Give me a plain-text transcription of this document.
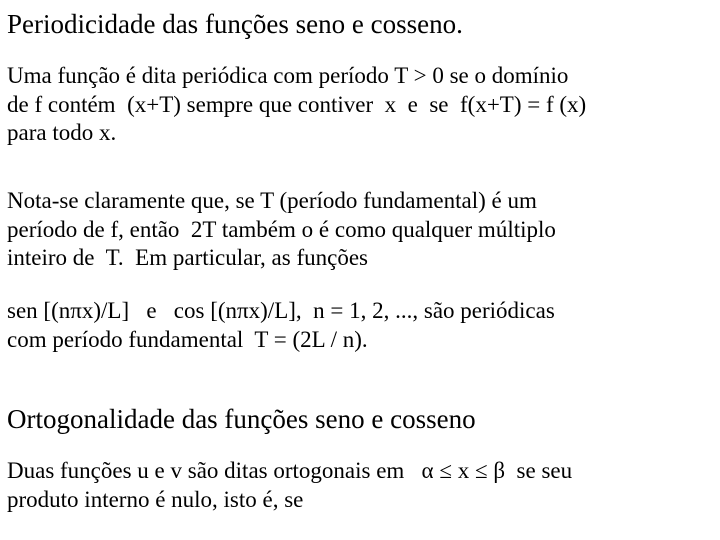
Periodicidade das funções seno e cosseno.
Uma função é dita periódica com período T > 0 se o domínio
de f contém  (x+T) sempre que contiver  x  e  se  f(x+T) = f (x)
para todo x.
Nota-se claramente que, se T (período fundamental) é um
período de f, então  2T também o é como qualquer múltiplo
inteiro de  T.  Em particular, as funções
sen [(nπx)/L]   e   cos [(nπx)/L],  n = 1, 2, ..., são periódicas
com período fundamental  T = (2L / n).
Ortogonalidade das funções seno e cosseno
Duas funções u e v são ditas ortogonais em   α ≤ x ≤ β  se seu
produto interno é nulo, isto é, se
